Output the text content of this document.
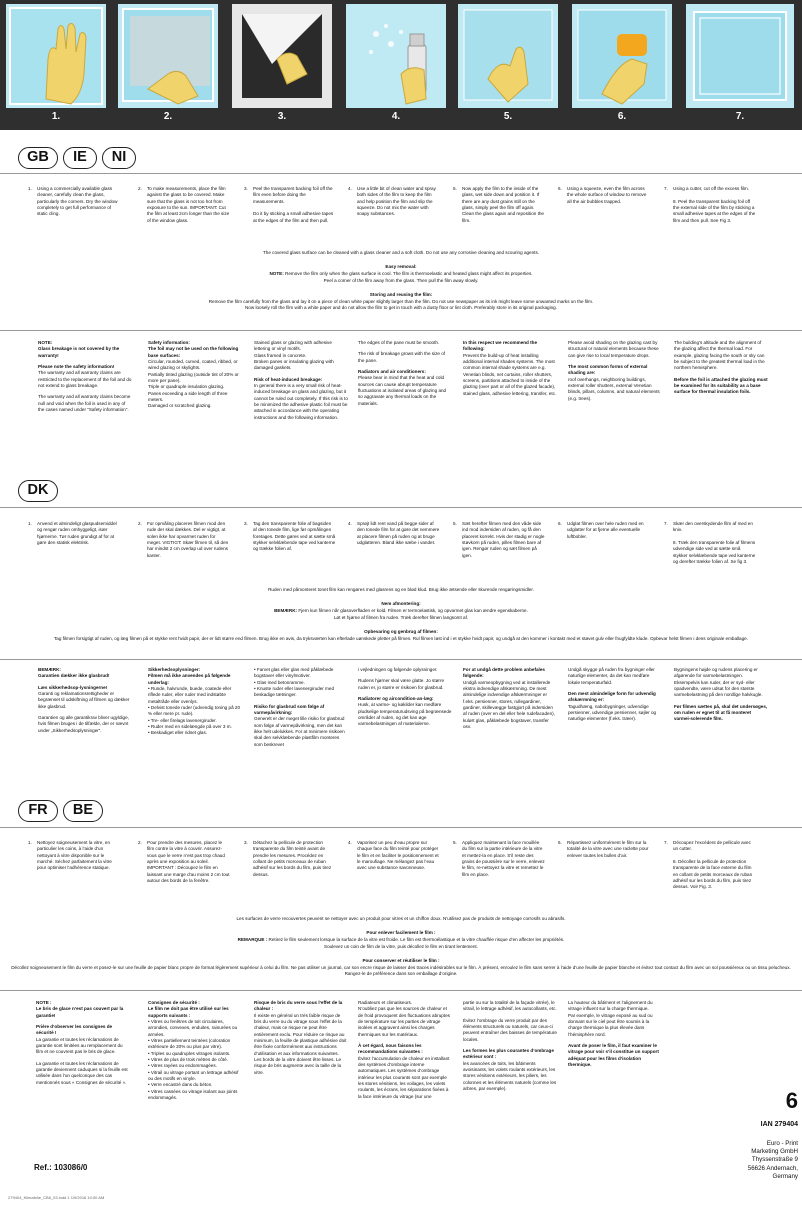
1.	2.	3.	4.	5.	6.	7.
GB IE NI
1. Using a commercially available glass cleaner, carefully clean the glass, particularly the corners. Dry the window completely to get full performance of static cling.
2. To make measurements, place the film against the glass to be covered. Make sure that the glass is not too hot from exposure to the sun. IMPORTANT: Cut the film at least 2cm longer than the size of the window glass.
3. Peel the transparent backing foil off the film even before doing the measurements.

Do it by sticking a small adhesive tapes at the edges of the film and then pull.
4. Use a little bit of clean water and spray both sides of the film to keep the film and help position the film and slip the squeeze. Do not mix the water with soapy substances.
5. Now apply the film to the inside of the glass, wet side down and position it. If there are any dust grains still on the glass, simply peel the film off again. Clean the glass again and reposition the film.
6. Using a squeeze, even the film across the whole surface of window to remove all the air bubbles trapped.
7. Using a cutter, cut off the excess film.

8. Peel the transparent backing foil off the external side of the film by sticking a small adhesive tapes at the edges of the film and then pull. See Fig 3.
The covered glass surface can be cleaned with a glass cleaner and a soft cloth. Do not use any corrosive cleaning and scouring agents.
Easy removal:
NOTE: Remove the film only when the glass surface is cool. The film is thermoelastic and heated glass might affect its properties.
Peel a corner of the film away from the glass. Then pull the film away slowly.
Storing and reusing the film:
Remove the film carefully from the glass and lay it on a piece of clean white paper slightly larger than the film. Do not use newspaper as its ink might leave some unwanted marks on the film.
Now loosely roll the film with a white paper and do not allow the film to get in touch with a dusty floor or lint cloth. Preferably store in its original packaging.
NOTE:
Glass breakage is not covered by the warranty!
Please note the safety information!
The warranty and all warranty claims are restricted to the replacement of the foil and do not extend to glass breakage.
The warranty and all warranty claims become null and void when the foil is used in any of the cases named under “Safety information”.
Safety information:
The foil may not be used on the following base surfaces:
Circular, rounded, curved, coated, ribbed, or wired glazing or skylights.
Partially tinted glazing (outside tint of 20% or more per pane).
Triple or quadruple insulation glazing.
Panes exceeding a side length of three meters.
Damaged or scratched glazing.
Stained glass or glazing with adhesive lettering or vinyl motifs.
Glass framed in concrete.
Broken panes or insulating glazing with damaged gaskets.
Risk of heat-induced breakage:
In general there is a very small risk of heat-induced breakage on glass and glazing, but it cannot be ruled out completely. If this risk is to be minimized the adhesive plastic foil must be attached in accordance with the operating instructions and the following information.
The edges of the pane must be smooth.
The risk of breakage grows with the size of the pane.
Radiators and air conditioners:
Please bear in mind that the heat and cold sources can cause abrupt temperature fluctuations at isolated areas of glazing and so aggravate any thermal loads on the materials.
In this respect we recommend the following:
Prevent the build-up of heat installing additional internal shades systems. The most common internal shade systems are e.g. Venetian blinds, net curtains, roller shutters, screens, partitions attached to inside of the glazing (over part or all of the glazed facade), stained glass, adhesive lettering, transfer, etc.
Please avoid shading on the glazing cast by structural or natural elements because these can give rise to local temperature drops.
The most common forms of external shading are:
roof overhangs, neighboring buildings, external roller shutters, external Venetian blinds, pillars, columns, and natural elements (e.g. trees).
The building’s altitude and the alignment of the glazing affect the thermal load. For example, glazing facing the south or sky can be subject to the greatest thermal load in the northern hemisphere.
Before the foil is attached the glazing must be examined for its suitability as a base surface for thermal insulation foils.
DK
1. Anvend et almindeligt glaspudsemiddel og rengør ruden omhyggeligt, især hjørnerne. Tør ruden grundigt af for at gøre den statisk elektrisk.
2. For opmåling placeres filmen mod den rude der skal dækkes. Del er vigtigt, at solen ikke har opvarmet ruden for meget. VIGTIGT: Skær filmen til, så den har mindst 2 cm overlap ud over rudens kanter.
3. Tag den transparente folie af bagsiden af den tonede film, lige før opmålingen foretages. Dette gøres ved at sætte små stykker selvklæbende tape ved kanterne og trække folien af.
4. Sprøjt lidt rent vand på begge sider af den tonede film for at gøre det nemmere at placere filmen på ruden og at bruge udglatteren. Bland ikke sæbe i vandet.
5. Sæt herefter filmen med den våde side ind mod indersiden af ruden, og få den placeret korrekt. Hvis der stadig er nogle støvkorn på ruden, pilles filmen bare af igen. Rengør ruden og sæt filmen på igen.
6. Udglat filmen over hele ruden med en udglatter for at fjerne alle eventuelle luftbobler.
7. Skær den overskydende film af med en kniv.

8. Træk den transparente folie af filmens udvendige side ved at sætte små stykker selvklæbende tape ved kanterne og derefter trække folien af. Se fig 3.
Ruden med påmonteret tonet film kan rengøres med glasrens og en blød klud. Brug ikke ætsende eller skurende rengøringsmidler.
Nem afmontering:
BEMÆRK: Fjern kun filmen når glasoverfladen er kold. Filmen er termoelastisk, og opvarmet glas kan ændre egenskaberne.
Løt et hjørne af filmen fra ruden. Træk derefter filmen langsomt af.
Opbevaring og genbrug af filmen:
Tag filmen forsigtigt af ruden, og læg filmen på et stykke rent hvidt papir, der er lidt større end filmen. Brug ikke en avis, da tryksværten kan efterlade uønskede pletter på filmen. Rul filmen løst ind i et stykke hvidt papir, og undgå at den kommer i kontakt med et støvet gulv eller fnugfyldte klude. Opbevar helst filmen i dens originale emballage.
BEMÆRK:
Garantien dækker ikke glasbrud!
Læs sikkerhedsop-lysningerne!
Garanti og reklamationsrettigheder er begrænset til udskiftning af filmen og dækker ikke glasbrud.
Garantien og alle garantikrav bliver ugyldige, hvis filmen bruges i de tilfælde, der er nævnt under „Sikkerhedsoplysninger“.
Sikkerhedsoplysninger:
Filmen må ikke anvendes på følgende underlag:
• Runde, halvrunde, buede, coatede eller riflede ruder, eller ruder med indstøbte metaltråde eller ovenlys.
• Delvist tonede ruder (udvendig toning på 20 % eller mere pr. rude).
• Tre- eller firelags lavenergiruder.
• Ruder med en sidelængde på over 3 m.
• Beskadiget eller ridset glas.
• Farvet glas eller glas med påklæbede bogstaver eller vinylmotiver.
• Glas med betonramme.
• Knuste ruder eller lavenergiruder med beskadige tætninger.
Risiko for glasbrud som følge af varmepåvirkning:
Generelt er der meget lille risiko for glasbrud som følge af varmepåvirkning, men det kan ikke helt udelukkes. For at minimere risikoen skal den selvklæbende plastfilm monteres som beskrevet
i vejledningen og følgende oplysninger.
Rudens hjørner skal være glatte. Jo større ruden er, jo større er risikoen for glasbrud.
Radiatorer og aircondition-an-læg:
Husk, at varme- og køkilder kan medføre pludselige temperaturudsving på begrænsede områder af ruden, og det kan øge varmebelastningen af materialerne.
For at undgå dette problem anbefales følgende:
Undgå varmeopbygning ved at installerede ekstra indvendige afskærmning. De mest almindelige indvendige afskærmninger er f.eks. persienner, stores, rullegardiner, gardiner, skillevægge fastgjort på indersiden af ruden (over en del eller hele rudefacaden), kulørt glas, påklæbede bogstaver, transfer osv.
Undgå skygge på ruden fra bygninger eller naturlige elementer, da det kan medføre lokale temperaturfald.
Den mest almindelige form for udvendig afskærmning er:
Tagudhæng, nabobygninger, udvendige persienner, udvendige persienner, søjler og naturlige elementer (f.eks. træer).
Bygningens højde og rudens placering er afgørende for varmebelastningen. Eksempelvis kan ruder, der er syd- eller opadvendte, være udsat for den største varmebelastning på den nordlige halvkugle.
Før filmen sættes på, skal det undersøges, om ruden er egnet til at få monteret varmei-solerende film.
FR BE
1. Nettoyez soigneusement la vitre, en particulier les coins, à l’aide d’un nettoyant à vitre disponible sur le marché. Séchez parfaitement la vitre pour optimiser l’adhérence statique.
2. Pour prendre des mesures, placez le film contre la vitre à couvrir. Assurez-vous que le verre n’est pas trop chaud après une exposition au soleil. IMPORTANT : Découpez le film en laissant une marge d’au moins 2 cm tout autour des bords de la fenêtre.
3. Détachez la pellicule de protection transparente du film teinté avant de prendre les mesures. Procédez en collant de petits morceaux de ruban adhésif sur les bords du film, puis tirez dessus.
4. Vaporisez un peu d’eau propre sur chaque face du film teinté pour protéger le film et en faciliter le positionnement et le maroufiage. Ne mélangez pas l’eau avec une substance savonneuse.
5. Appliquez maintenant la face mouillée du film sur la partie intérieure de la vitre et mettez-la en place. S’il reste des grains de poussière sur le verre, enlevez le film, re-nettoyez la vitre et remettez le film en place.
6. Répartissez uniformément le film sur la totalité de la vitre avec une raclette pour enlever toutes les bulles d’air.
7. Découpez l’excédent de pellicule avec un cutter.

8. Décollez la pellicule de protection transparente de la face externe du film en collant de petits morceaux de ruban adhésif sur les bords du film, puis tirez dessus. Voir Fig. 3.
Les surfaces de verre recouvertes peuvent se nettoyer avec un produit pour vitres et un chiffon doux. N’utilisez pas de produits de nettoyage corrosifs ou abrasifs.
Pour enlever facilement le film :
REMARQUE : Retirez le film seulement lorsque la surface de la vitre est froide. Le film est thermoélastique et la vitre chauffée risque d’en affecter les propriétés.
Soulevez un coin de film de la vitre, puis décollez le film en tirant lentement.
Pour conserver et réutiliser le film :
Décollez soigneusement le film du verre et posez-le sur une feuille de papier blanc propre de format légèrement supérieur à celui du film. Ne pas utiliser un journal, car son encre risque de laisser des traces indésirables sur le film. À présent, enroulez le film sans serrer à l’aide d’une feuille de papier blanche et évitez tout contact du film avec un sol poussiéreux ou un tissu pelucheux. Rangez-le de préférence dans son emballage d’origine.
NOTE :
Le bris de glace n’est pas couvert par la garantie!
Prière d’observer les consignes de sécurité !
La garantie et toutes les réclamations de garantie sont limitées au remplacement du film et ne couvrent pas le bris de glace.
La garantie et toutes les réclamations de garantie deviennent caduques si la feuille est utilisée dans l’un quelconque des cas mentionnés sous « Consignes de sécurité ».
Consignes de sécurité :
Le film ne doit pas être utilisé sur les supports suivants :
• Vitres ou fenêtres de toit circulaires, arrondies, convexes, enduites, rainurées ou armées.
• Vitres partiellement teintées (coloration extérieure de 20% ou plus par vitre).
• Triples ou quadruples vitrages isolants.
• Vitres de plus de trois mètres de côté.
• Vitres rayées ou endommagées.
• Vitrail ou vitrage portant un lettrage adhésif ou des motifs en vinyle.
• Verre encastré dans du béton.
• Vitres cassées ou vitrage isolant aux joints endommagés.
Risque de bris du verre sous l’effet de la chaleur :
Il existe en général un très faible risque de bris du verre ou du vitrage sous l’effet de la chaleur, mais ce risque ne peut être entièrement exclu. Pour réduire ce risque au minimum, la feuille de plastique adhésive doit être fixée conformément aux instructions d’utilisation et aux informations suivantes.
Les bords de la vitre doivent être lisses. Le risque de bris augmente avec la taille de la vitre.
Radiateurs et climatiseurs.
N’oubliez pas que les sources de chaleur et de froid provoquent des fluctuations abruptes de température sur les parties de vitrage isolées et aggravent ainsi les charges thermiques sur les matériaux.
À cet égard, nous faisons les recommandations suivantes :
Évitez l’accumulation de chaleur en installant des systèmes d’ombrage interne automatiques. Les systèmes d’ombrage intérieur les plus courants sont par exemple les stores vénitiens, les voilages, les volets roulants, les écrans, les séparations fixées à la face intérieure du vitrage (sur une
partie ou sur la totalité de la façade vitrée), le vitrail, le lettrage adhésif, les autocollants, etc.
Évitez l’ombrage du verre produit par des éléments structurels ou naturels, car ceux-ci peuvent entraîner des baisses de température locales.
Les formes les plus courantes d’ombrage extérieur sont :
les avancées de toits, les bâtiments avoisinants, les volets roulants extérieurs, les stores vénitiens extérieurs, les piliers, les colonnes et les éléments naturels (comme les arbres, par exemple).
La hauteur du bâtiment et l’alignement du vitrage influent sur la charge thermique.
Par exemple, le vitrage exposé au sud ou donnant sur le ciel peut être soumis à la charge thermique la plus élevée dans l’hémisphère nord.
Avant de poser le film, il faut examiner le vitrage pour voir s’il constitue un support adéquat pour les films d’isolation thermique.
Ref.: 103086/0
6
IAN 279404
Euro - Print
Marketing GmbH
Thyssenstraße 9
56626 Andernach,
Germany
279404_Klimafolie_CB6_03.indd 1 1/9/2016 10:00 AM
